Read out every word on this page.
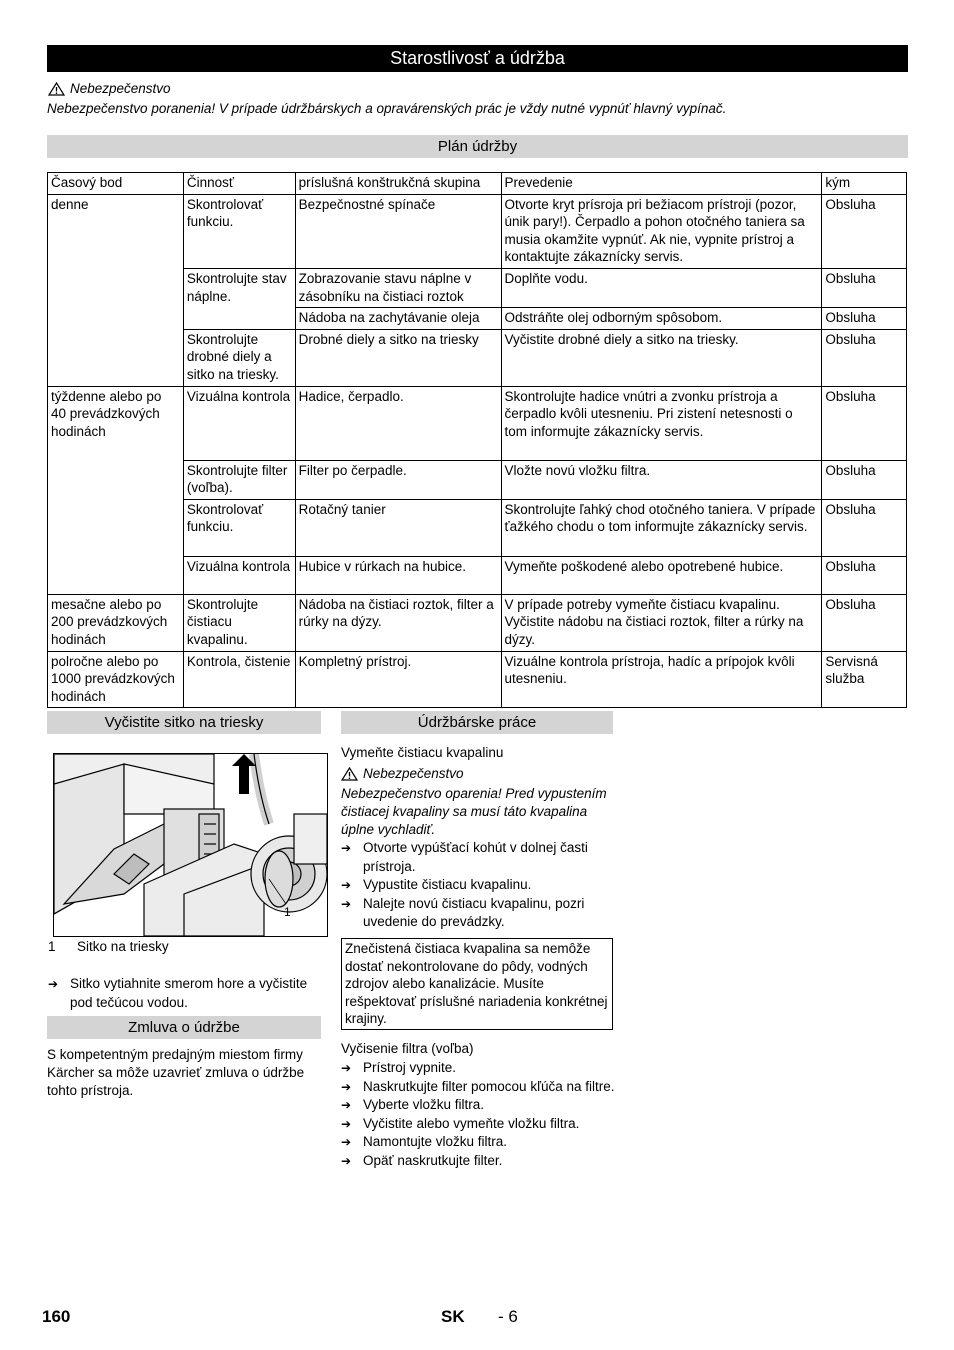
Starostlivosť a údržba
Nebezpečenstvo
Nebezpečenstvo poranenia! V prípade údržbárskych a opravárenských prác je vždy nutné vypnúť hlavný vypínač.
Plán údržby
Časový bod	Činnosť	príslušná konštrukčná skupina	Prevedenie	kým
denne	Skontrolovať funkciu.	Bezpečnostné spínače	Otvorte kryt prísroja pri bežiacom prístroji (pozor, únik pary!). Čerpadlo a pohon otočného taniera sa musia okamžite vypnúť. Ak nie, vypnite prístroj a kontaktujte zákaznícky servis.	Obsluha
	Skontrolujte stav náplne.	Zobrazovanie stavu náplne v zásobníku na čistiaci roztok	Doplňte vodu.	Obsluha
		Nádoba na zachytávanie oleja	Odstráňte olej odborným spôsobom.	Obsluha
	Skontrolujte drobné diely a sitko na triesky.	Drobné diely a sitko na triesky	Vyčistite drobné diely a sitko na triesky.	Obsluha
týždenne alebo po 40 prevádzkových hodinách	Vizuálna kontrola	Hadice, čerpadlo.	Skontrolujte hadice vnútri a zvonku prístroja a čerpadlo kvôli utesneniu. Pri zistení netesnosti o tom informujte zákaznícky servis.	Obsluha
	Skontrolujte filter (voľba).	Filter po čerpadle.	Vložte novú vložku filtra.	Obsluha
	Skontrolovať funkciu.	Rotačný tanier	Skontrolujte ľahký chod otočného taniera. V prípade ťažkého chodu o tom informujte zákaznícky servis.	Obsluha
	Vizuálna kontrola	Hubice v rúrkach na hubice.	Vymeňte poškodené alebo opotrebené hubice.	Obsluha
mesačne alebo po 200 prevádzkových hodinách	Skontrolujte čistiacu kvapalinu.	Nádoba na čistiaci roztok, filter a rúrky na dýzy.	V prípade potreby vymeňte čistiacu kvapalinu. Vyčistite nádobu na čistiaci roztok, filter a rúrky na dýzy.	Obsluha
polročne alebo po 1000 prevádzkových hodinách	Kontrola, čistenie	Kompletný prístroj.	Vizuálne kontrola prístroja, hadíc a prípojok kvôli utesneniu.	Servisná služba
Vyčistite sitko na triesky
1
1 Sitko na triesky
➔ Sitko vytiahnite smerom hore a vyčistite pod tečúcou vodou.
Zmluva o údržbe
S kompetentným predajným miestom firmy Kärcher sa môže uzavrieť zmluva o údržbe tohto prístroja.
Údržbárske práce
Vymeňte čistiacu kvapalinu
Nebezpečenstvo
Nebezpečenstvo oparenia! Pred vypustením čistiacej kvapaliny sa musí táto kvapalina úplne vychladiť.
➔ Otvorte vypúšťací kohút v dolnej časti prístroja.
➔ Vypustite čistiacu kvapalinu.
➔ Nalejte novú čistiacu kvapalinu, pozri uvedenie do prevádzky.
Znečistená čistiaca kvapalina sa nemôže dostať nekontrolovane do pôdy, vodných zdrojov alebo kanalizácie. Musíte rešpektovať príslušné nariadenia konkrétnej krajiny.
Vyčisenie filtra (voľba)
➔ Prístroj vypnite.
➔ Naskrutkujte filter pomocou kľúča na filtre.
➔ Vyberte vložku filtra.
➔ Vyčistite alebo vymeňte vložku filtra.
➔ Namontujte vložku filtra.
➔ Opäť naskrutkujte filter.
160	SK - 6
